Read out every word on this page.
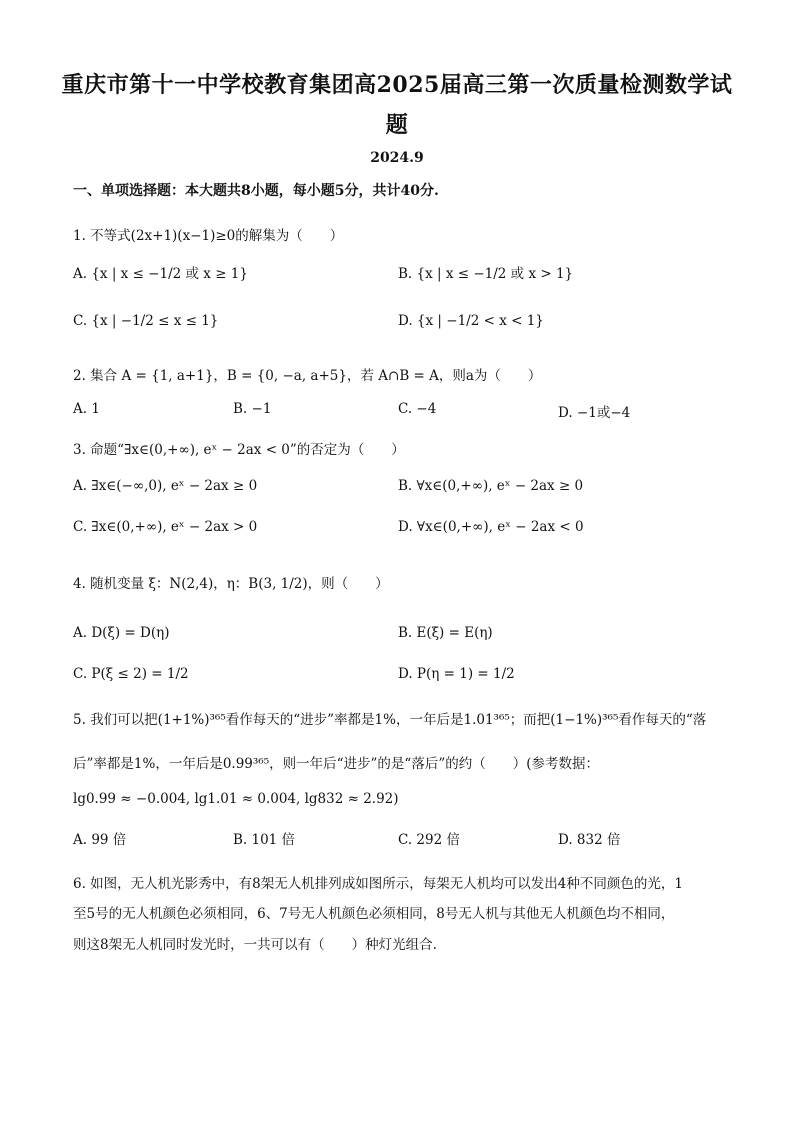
重庆市第十一中学校教育集团高2025届高三第一次质量检测数学试
题
2024.9
一、单项选择题：本大题共8小题，每小题5分，共计40分.
1. 不等式(2x+1)(x−1)≥0的解集为（　　）
A. {x | x ≤ −1/2 或 x ≥ 1}	B. {x | x ≤ −1/2 或 x > 1}
C. {x | −1/2 ≤ x ≤ 1}	D. {x | −1/2 < x < 1}
2. 集合 A = {1, a+1}，B = {0, −a, a+5}，若 A∩B = A，则a为（　　）
A. 1	B. −1	C. −4	D. −1或−4
3. 命题“∃x∈(0,+∞), eˣ − 2ax < 0”的否定为（　　）
A. ∃x∈(−∞,0), eˣ − 2ax ≥ 0	B. ∀x∈(0,+∞), eˣ − 2ax ≥ 0
C. ∃x∈(0,+∞), eˣ − 2ax > 0	D. ∀x∈(0,+∞), eˣ − 2ax < 0
4. 随机变量 ξ：N(2,4)，η：B(3, 1/2)，则（　　）
A. D(ξ) = D(η)	B. E(ξ) = E(η)
C. P(ξ ≤ 2) = 1/2	D. P(η = 1) = 1/2
5. 我们可以把(1+1%)³⁶⁵看作每天的“进步”率都是1%，一年后是1.01³⁶⁵；而把(1−1%)³⁶⁵看作每天的“落
后”率都是1%，一年后是0.99³⁶⁵，则一年后“进步”的是“落后”的约（　　）(参考数据：
lg0.99 ≈ −0.004, lg1.01 ≈ 0.004, lg832 ≈ 2.92)
A. 99 倍	B. 101 倍	C. 292 倍	D. 832 倍
6. 如图，无人机光影秀中，有8架无人机排列成如图所示，每架无人机均可以发出4种不同颜色的光，1
至5号的无人机颜色必须相同，6、7号无人机颜色必须相同，8号无人机与其他无人机颜色均不相同，
则这8架无人机同时发光时，一共可以有（　　）种灯光组合.
